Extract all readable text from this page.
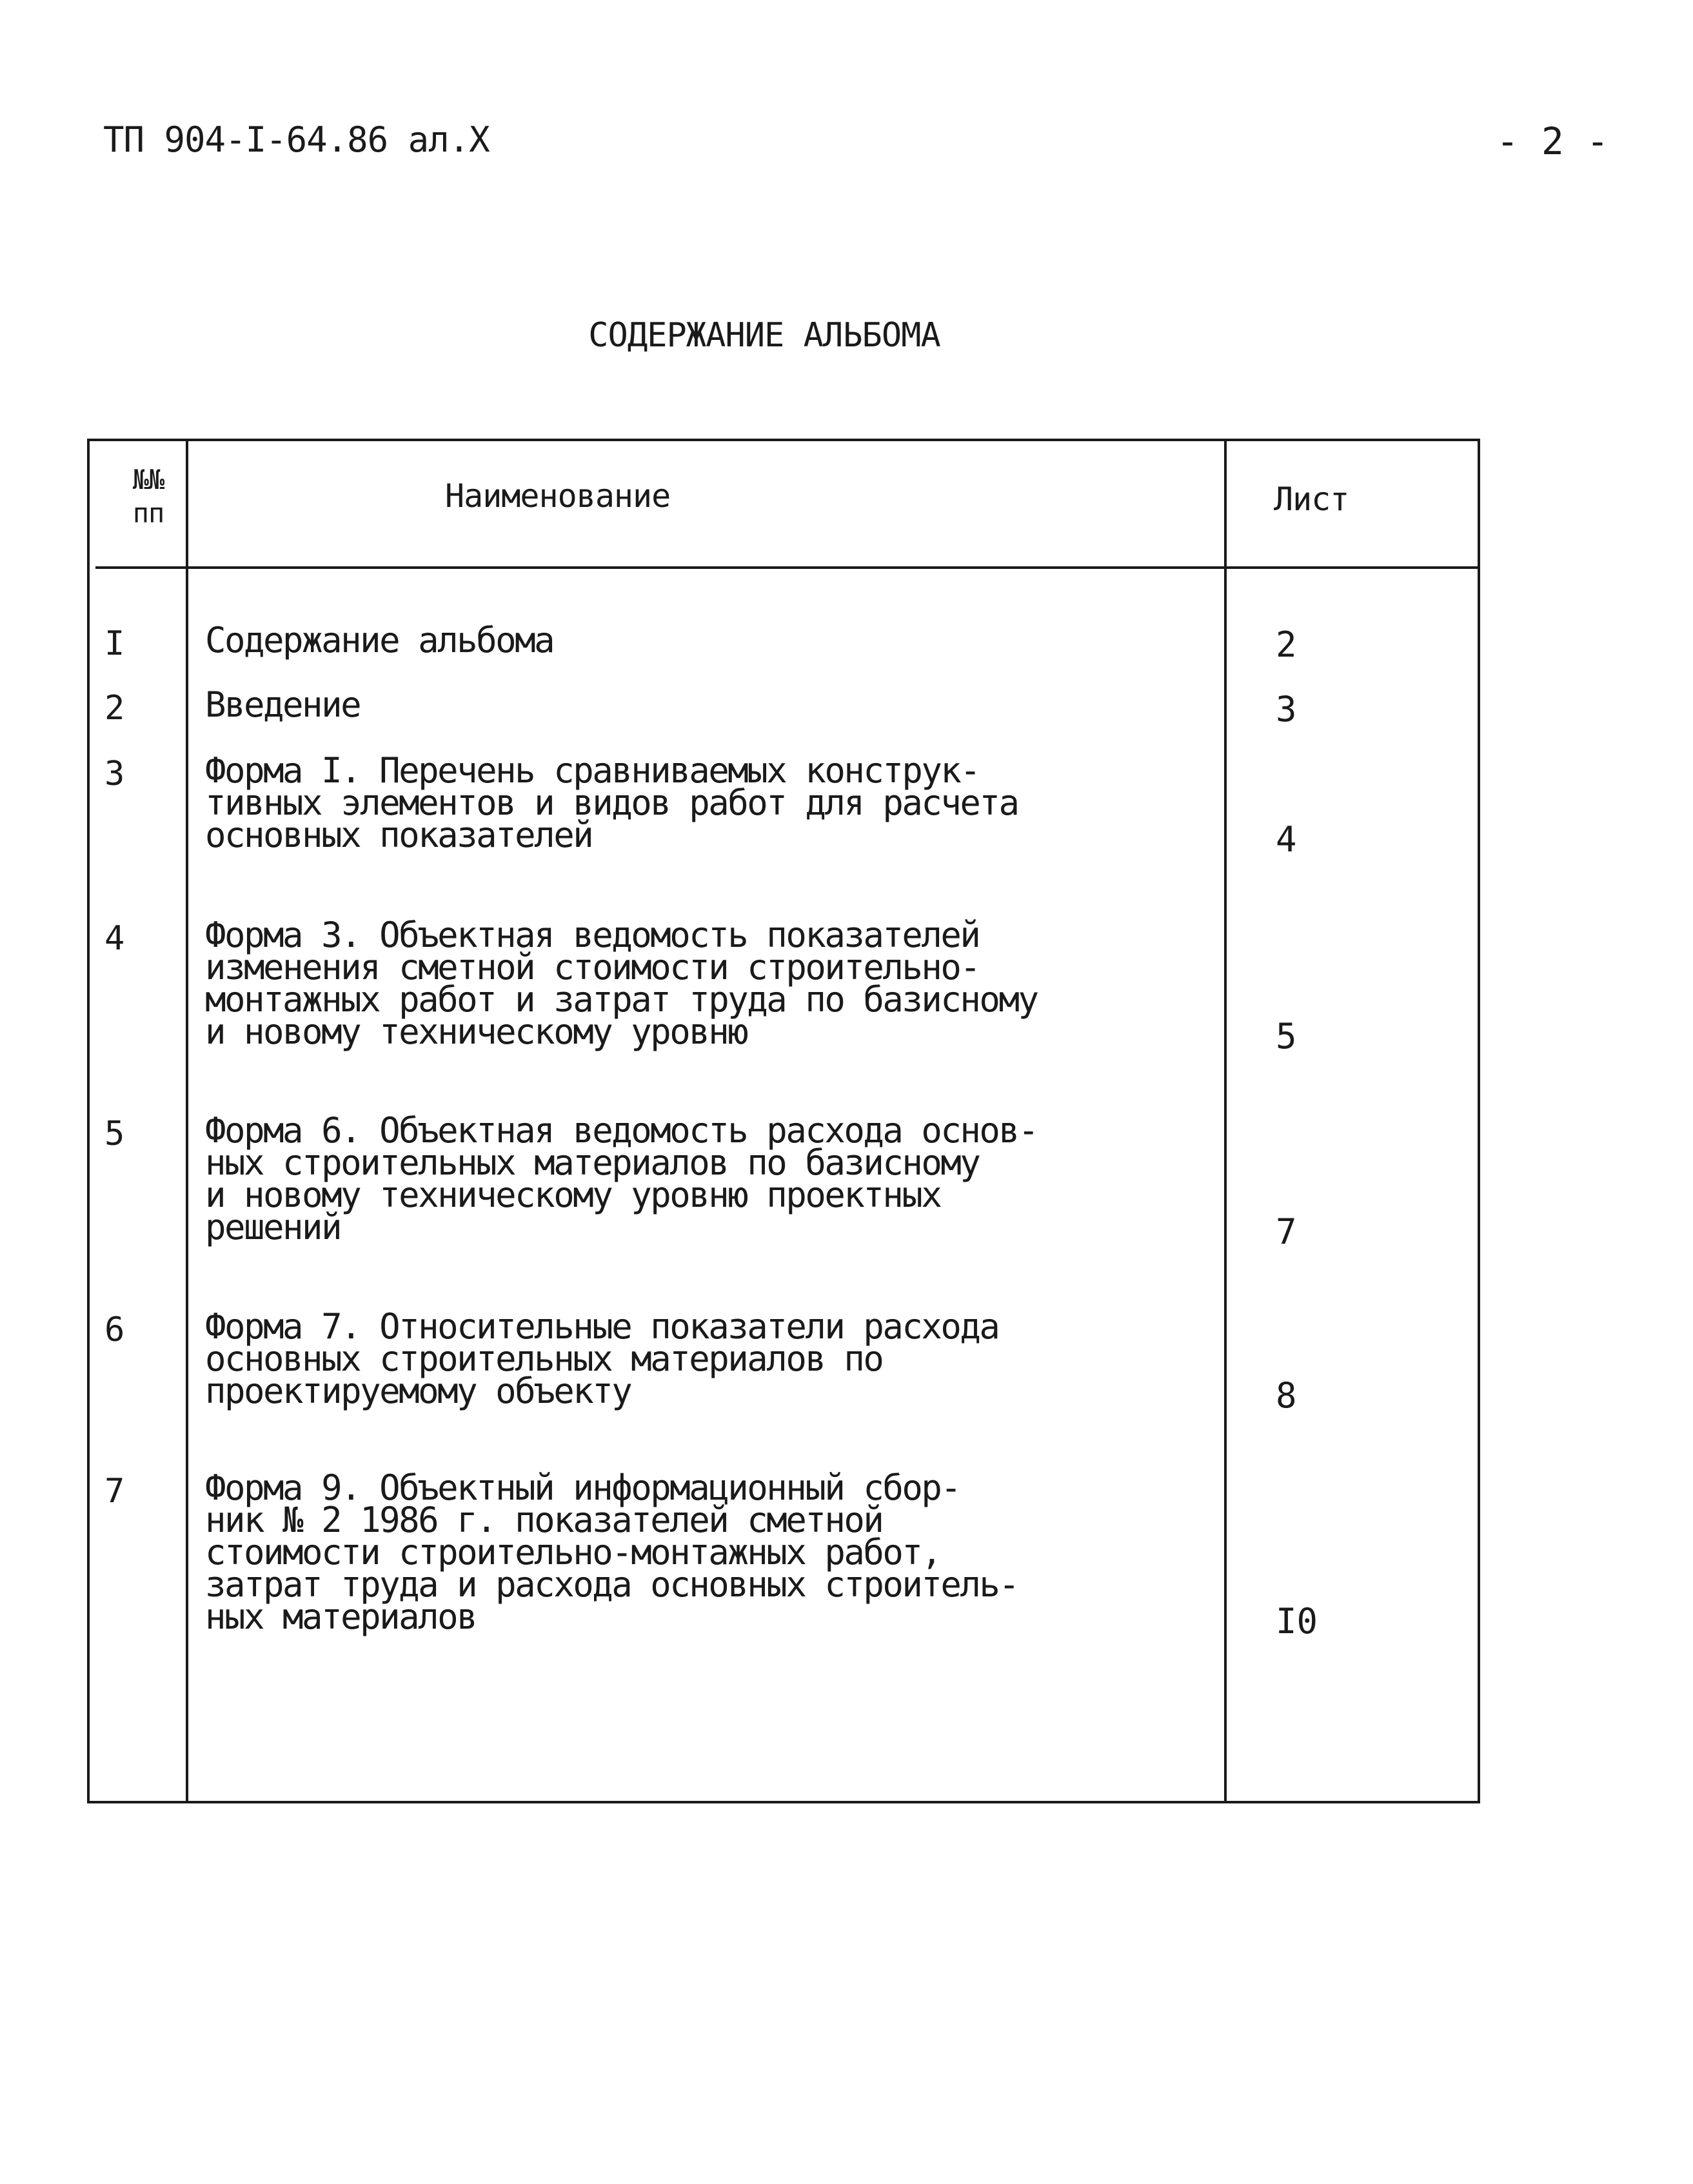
ТП 904-I-64.86 ал.Х	- 2 -
СОДЕРЖАНИЕ АЛЬБОМА
№№
пп	Наименование	Лист
I Содержание альбома	2
2 Введение	3
3 Форма I. Перечень сравниваемых конструк-
тивных элементов и видов работ для расчета
основных показателей	4
4 Форма 3. Объектная ведомость показателей
изменения сметной стоимости строительно-
монтажных работ и затрат труда по базисному
и новому техническому уровню	5
5 Форма 6. Объектная ведомость расхода основ-
ных строительных материалов по базисному
и новому техническому уровню проектных
решений	7
6 Форма 7. Относительные показатели расхода
основных строительных материалов по
проектируемому объекту	8
7 Форма 9. Объектный информационный сбор-
ник № 2 1986 г. показателей сметной
стоимости строительно-монтажных работ,
затрат труда и расхода основных строитель-
ных материалов	I0
